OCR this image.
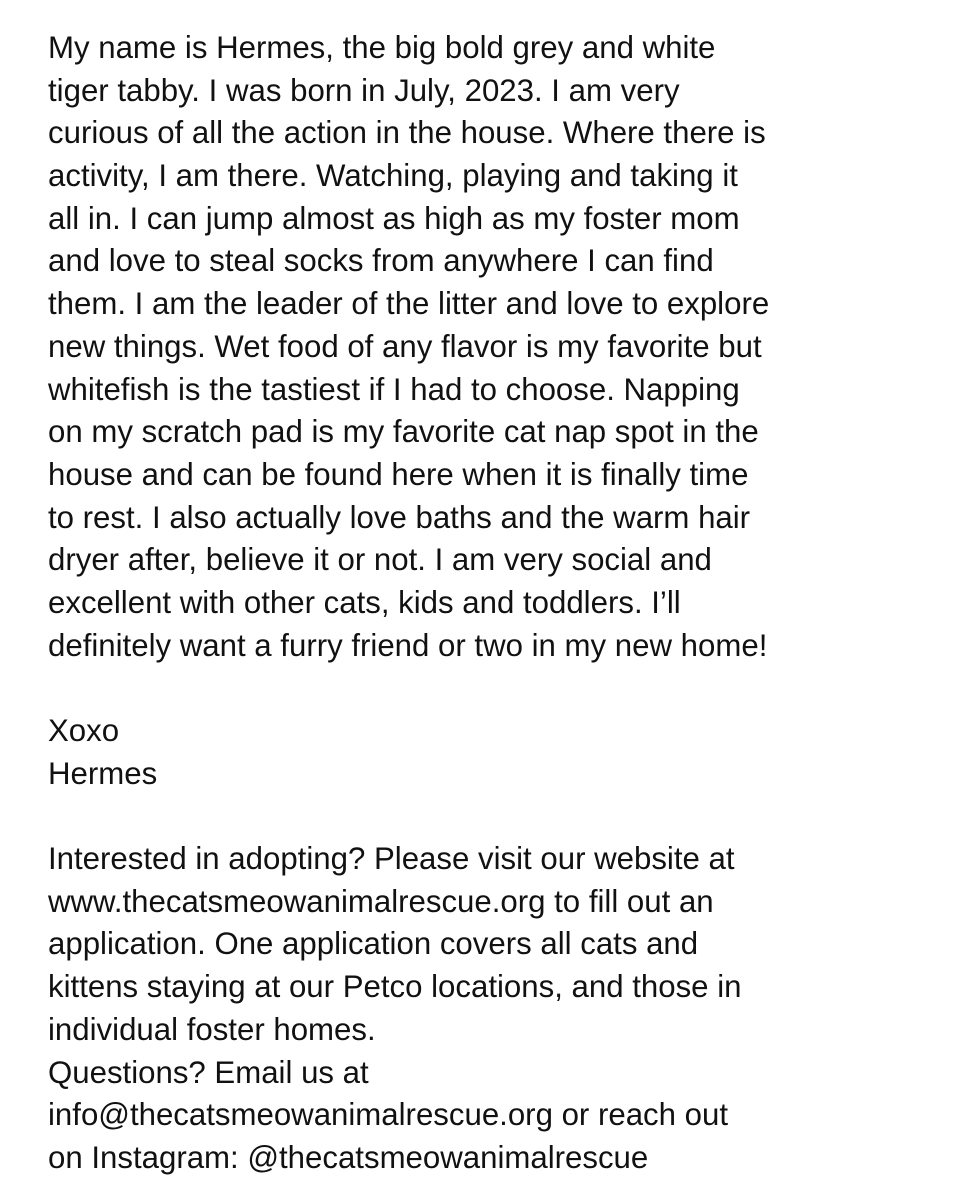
My name is Hermes, the big bold grey and white
tiger tabby. I was born in July, 2023. I am very
curious of all the action in the house. Where there is
activity, I am there. Watching, playing and taking it
all in. I can jump almost as high as my foster mom
and love to steal socks from anywhere I can find
them. I am the leader of the litter and love to explore
new things. Wet food of any flavor is my favorite but
whitefish is the tastiest if I had to choose. Napping
on my scratch pad is my favorite cat nap spot in the
house and can be found here when it is finally time
to rest. I also actually love baths and the warm hair
dryer after, believe it or not. I am very social and
excellent with other cats, kids and toddlers. I’ll
definitely want a furry friend or two in my new home!
Xoxo
Hermes
Interested in adopting? Please visit our website at
www.thecatsmeowanimalrescue.org to fill out an
application. One application covers all cats and
kittens staying at our Petco locations, and those in
individual foster homes.
Questions? Email us at
info@thecatsmeowanimalrescue.org or reach out
on Instagram: @thecatsmeowanimalrescue
